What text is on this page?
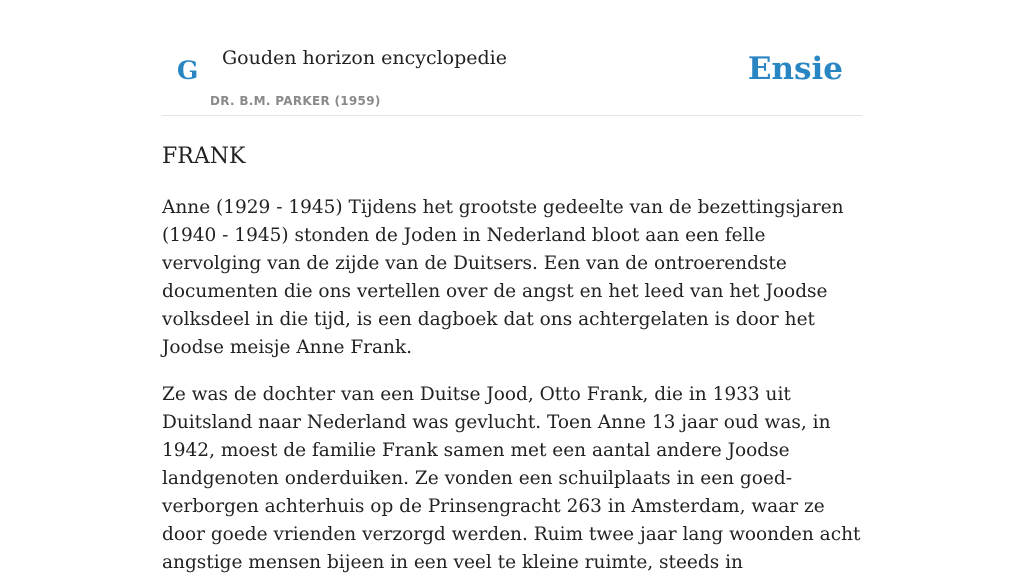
G Gouden horizon encyclopedie
DR. B.M. PARKER (1959)
Ensie
FRANK

Anne (1929 - 1945) Tijdens het grootste gedeelte van de bezettingsjaren (1940 - 1945) stonden de Joden in Nederland bloot aan een felle vervolging van de zijde van de Duitsers. Een van de ontroerendste documenten die ons vertellen over de angst en het leed van het Joodse volksdeel in die tijd, is een dagboek dat ons achtergelaten is door het Joodse meisje Anne Frank.

Ze was de dochter van een Duitse Jood, Otto Frank, die in 1933 uit Duitsland naar Nederland was gevlucht. Toen Anne 13 jaar oud was, in 1942, moest de familie Frank samen met een aantal andere Joodse landgenoten onderduiken. Ze vonden een schuilplaats in een goed-verborgen achterhuis op de Prinsengracht 263 in Amsterdam, waar ze door goede vrienden verzorgd werden. Ruim twee jaar lang woonden acht angstige mensen bijeen in een veel te kleine ruimte, steeds in
